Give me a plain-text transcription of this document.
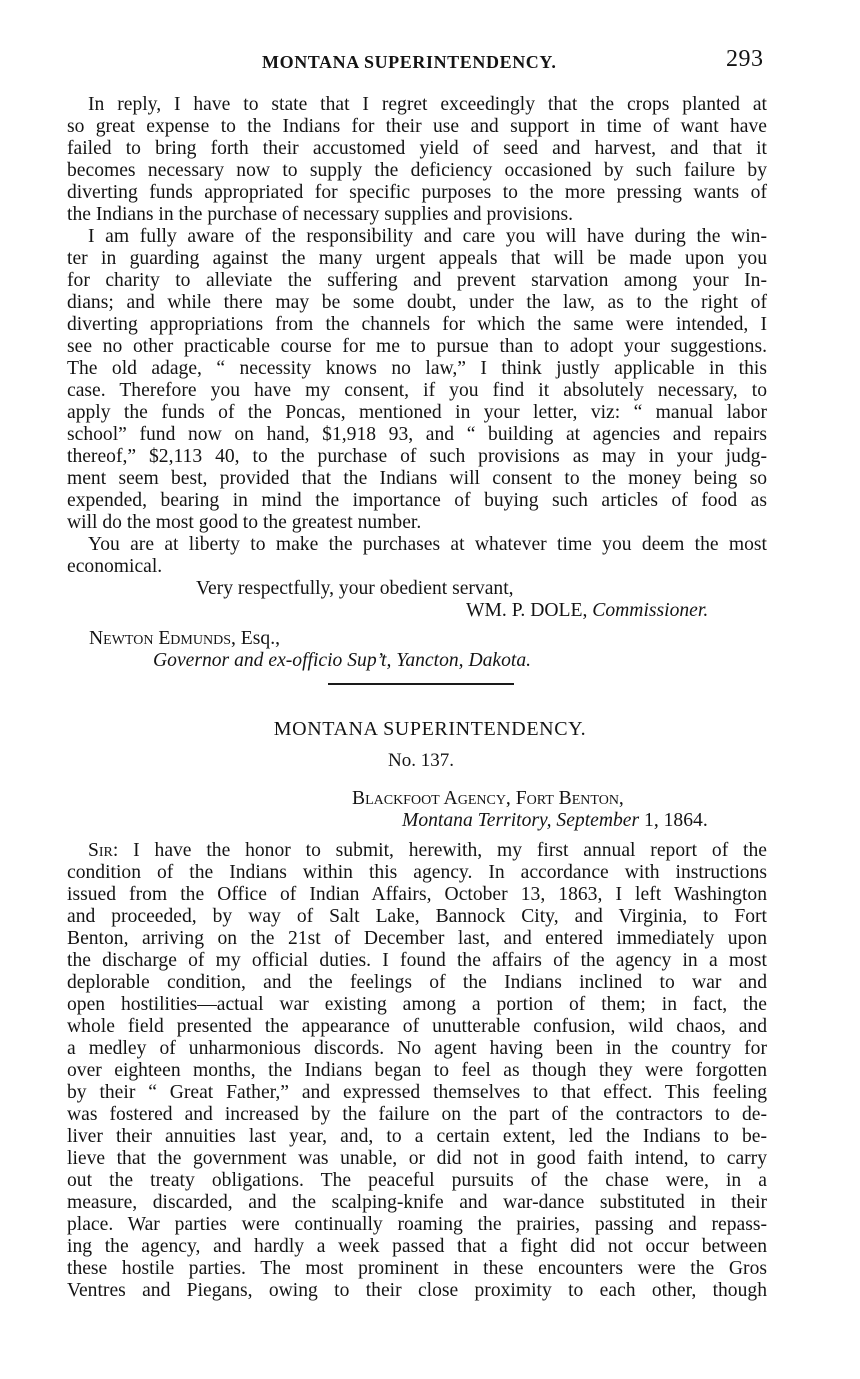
MONTANA SUPERINTENDENCY.	293
In reply, I have to state that I regret exceedingly that the crops planted at
so great expense to the Indians for their use and support in time of want have
failed to bring forth their accustomed yield of seed and harvest, and that it
becomes necessary now to supply the deficiency occasioned by such failure by
diverting funds appropriated for specific purposes to the more pressing wants of
the Indians in the purchase of necessary supplies and provisions.
I am fully aware of the responsibility and care you will have during the win-
ter in guarding against the many urgent appeals that will be made upon you
for charity to alleviate the suffering and prevent starvation among your In-
dians; and while there may be some doubt, under the law, as to the right of
diverting appropriations from the channels for which the same were intended, I
see no other practicable course for me to pursue than to adopt your suggestions.
The old adage, “ necessity knows no law,” I think justly applicable in this
case. Therefore you have my consent, if you find it absolutely necessary, to
apply the funds of the Poncas, mentioned in your letter, viz: “ manual labor
school” fund now on hand, $1,918 93, and “ building at agencies and repairs
thereof,” $2,113 40, to the purchase of such provisions as may in your judg-
ment seem best, provided that the Indians will consent to the money being so
expended, bearing in mind the importance of buying such articles of food as
will do the most good to the greatest number.
You are at liberty to make the purchases at whatever time you deem the most
economical.
Very respectfully, your obedient servant,
WM. P. DOLE, Commissioner.
Newton Edmunds, Esq.,
Governor and ex-officio Sup’t, Yancton, Dakota.
MONTANA SUPERINTENDENCY.
No. 137.
Blackfoot Agency, Fort Benton,
Montana Territory, September 1, 1864.
Sir: I have the honor to submit, herewith, my first annual report of the
condition of the Indians within this agency. In accordance with instructions
issued from the Office of Indian Affairs, October 13, 1863, I left Washington
and proceeded, by way of Salt Lake, Bannock City, and Virginia, to Fort
Benton, arriving on the 21st of December last, and entered immediately upon
the discharge of my official duties. I found the affairs of the agency in a most
deplorable condition, and the feelings of the Indians inclined to war and
open hostilities—actual war existing among a portion of them; in fact, the
whole field presented the appearance of unutterable confusion, wild chaos, and
a medley of unharmonious discords. No agent having been in the country for
over eighteen months, the Indians began to feel as though they were forgotten
by their “ Great Father,” and expressed themselves to that effect. This feeling
was fostered and increased by the failure on the part of the contractors to de-
liver their annuities last year, and, to a certain extent, led the Indians to be-
lieve that the government was unable, or did not in good faith intend, to carry
out the treaty obligations. The peaceful pursuits of the chase were, in a
measure, discarded, and the scalping-knife and war-dance substituted in their
place. War parties were continually roaming the prairies, passing and repass-
ing the agency, and hardly a week passed that a fight did not occur between
these hostile parties. The most prominent in these encounters were the Gros
Ventres and Piegans, owing to their close proximity to each other, though
